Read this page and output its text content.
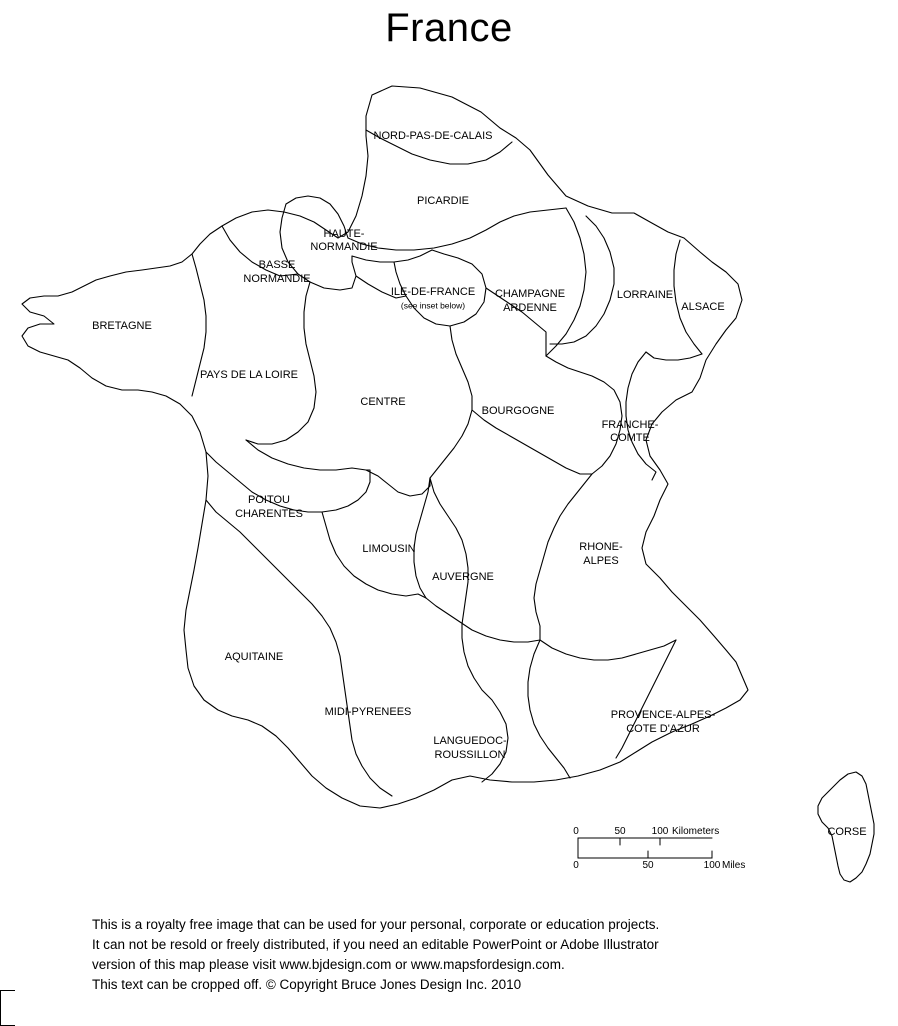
France
0	50	100 Kilometers
0	50	100 Miles
NORD-PAS-DE-CALAIS
PICARDIE
HAUTE-
NORMANDIE
BASSE
NORMANDIE
ILE-DE-FRANCE
(see inset below)
CHAMPAGNE
ARDENNE
LORRAINE
ALSACE
BRETAGNE
PAYS DE LA LOIRE
CENTRE
BOURGOGNE
FRANCHE-
COMTE
POITOU
CHARENTES
LIMOUSIN
AUVERGNE
RHONE-
ALPES
AQUITAINE
MIDI-PYRENEES
LANGUEDOC-
ROUSSILLON
PROVENCE-ALPES-
COTE D'AZUR
CORSE
This is a royalty free image that can be used for your personal, corporate or education projects.
It can not be resold or freely distributed, if you need an editable PowerPoint or Adobe Illustrator
version of this map please visit www.bjdesign.com or www.mapsfordesign.com.
This text can be cropped off. © Copyright Bruce Jones Design Inc. 2010
